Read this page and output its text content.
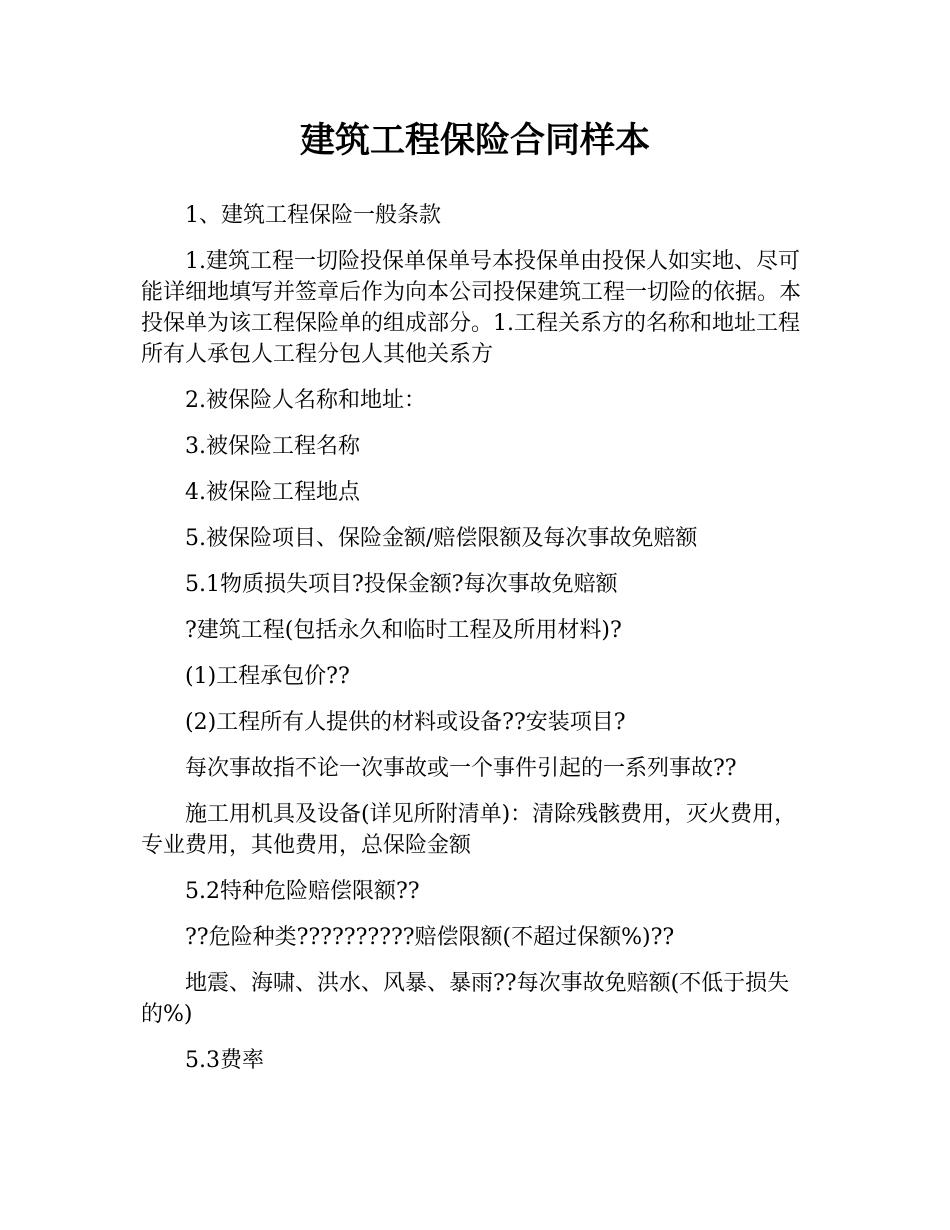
建筑工程保险合同样本

1、建筑工程保险一般条款

1.建筑工程一切险投保单保单号本投保单由投保人如实地、尽可能详细地填写并签章后作为向本公司投保建筑工程一切险的依据。本投保单为该工程保险单的组成部分。1.工程关系方的名称和地址工程所有人承包人工程分包人其他关系方

2.被保险人名称和地址：

3.被保险工程名称

4.被保险工程地点

5.被保险项目、保险金额/赔偿限额及每次事故免赔额

5.1物质损失项目?投保金额?每次事故免赔额

?建筑工程(包括永久和临时工程及所用材料)?

(1)工程承包价??

(2)工程所有人提供的材料或设备??安装项目?

每次事故指不论一次事故或一个事件引起的一系列事故??

施工用机具及设备(详见所附清单)：清除残骸费用，灭火费用，专业费用，其他费用，总保险金额

5.2特种危险赔偿限额??

??危险种类??????????赔偿限额(不超过保额%)??

地震、海啸、洪水、风暴、暴雨??每次事故免赔额(不低于损失的%)

5.3费率
